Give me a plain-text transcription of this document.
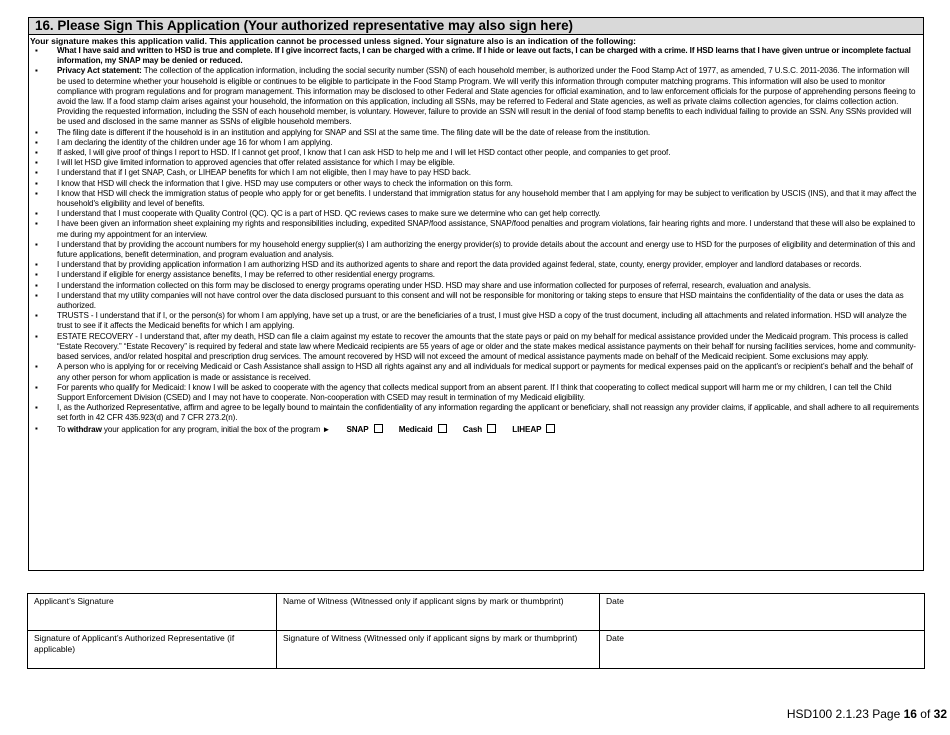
16. Please Sign This Application (Your authorized representative may also sign here)
Your signature makes this application valid. This application cannot be processed unless signed. Your signature also is an indication of the following:
▪ What I have said and written to HSD is true and complete. If I give incorrect facts, I can be charged with a crime. If I hide or leave out facts, I can be charged with a crime. If HSD learns that I have given untrue or incomplete factual information, my SNAP may be denied or reduced.
▪ Privacy Act statement: The collection of the application information, including the social security number (SSN) of each household member, is authorized under the Food Stamp Act of 1977, as amended, 7 U.S.C. 2011-2036. The information will be used to determine whether your household is eligible or continues to be eligible to participate in the Food Stamp Program. We will verify this information through computer matching programs. This information will also be used to monitor compliance with program regulations and for program management. This information may be disclosed to other Federal and State agencies for official examination, and to law enforcement officials for the purpose of apprehending persons fleeing to avoid the law. If a food stamp claim arises against your household, the information on this application, including all SSNs, may be referred to Federal and State agencies, as well as private claims collection agencies, for claims collection action. Providing the requested information, including the SSN of each household member, is voluntary. However, failure to provide an SSN will result in the denial of food stamp benefits to each individual failing to provide an SSN. Any SSNs provided will be used and disclosed in the same manner as SSNs of eligible household members.
▪ The filing date is different if the household is in an institution and applying for SNAP and SSI at the same time. The filing date will be the date of release from the institution.
▪ I am declaring the identity of the children under age 16 for whom I am applying.
▪ If asked, I will give proof of things I report to HSD. If I cannot get proof, I know that I can ask HSD to help me and I will let HSD contact other people, and companies to get proof.
▪ I will let HSD give limited information to approved agencies that offer related assistance for which I may be eligible.
▪ I understand that if I get SNAP, Cash, or LIHEAP benefits for which I am not eligible, then I may have to pay HSD back.
▪ I know that HSD will check the information that I give. HSD may use computers or other ways to check the information on this form.
▪ I know that HSD will check the immigration status of people who apply for or get benefits. I understand that immigration status for any household member that I am applying for may be subject to verification by USCIS (INS), and that it may affect the household's eligibility and level of benefits.
▪ I understand that I must cooperate with Quality Control (QC). QC is a part of HSD. QC reviews cases to make sure we determine who can get help correctly.
▪ I have been given an information sheet explaining my rights and responsibilities including, expedited SNAP/food assistance, SNAP/food penalties and program violations, fair hearing rights and more. I understand that these will also be explained to me during my appointment for an interview.
▪ I understand that by providing the account numbers for my household energy supplier(s) I am authorizing the energy provider(s) to provide details about the account and energy use to HSD for the purposes of eligibility and determination of this and future applications, benefit determination, and program evaluation and analysis.
▪ I understand that by providing application information I am authorizing HSD and its authorized agents to share and report the data provided against federal, state, county, energy provider, employer and landlord databases or records.
▪ I understand if eligible for energy assistance benefits, I may be referred to other residential energy programs.
▪ I understand the information collected on this form may be disclosed to energy programs operating under HSD. HSD may share and use information collected for purposes of referral, research, evaluation and analysis.
▪ I understand that my utility companies will not have control over the data disclosed pursuant to this consent and will not be responsible for monitoring or taking steps to ensure that HSD maintains the confidentiality of the data or uses the data as authorized.
▪ TRUSTS - I understand that if I, or the person(s) for whom I am applying, have set up a trust, or are the beneficiaries of a trust, I must give HSD a copy of the trust document, including all attachments and related information. HSD will analyze the trust to see if it affects the Medicaid benefits for which I am applying.
▪ ESTATE RECOVERY - I understand that, after my death, HSD can file a claim against my estate to recover the amounts that the state pays or paid on my behalf for medical assistance provided under the Medicaid program. This process is called “Estate Recovery.” “Estate Recovery” is required by federal and state law where Medicaid recipients are 55 years of age or older and the state makes medical assistance payments on their behalf for nursing facilities services, home and community-based services, and/or related hospital and prescription drug services. The amount recovered by HSD will not exceed the amount of medical assistance payments made on behalf of the Medicaid recipient. Some exclusions may apply.
▪ A person who is applying for or receiving Medicaid or Cash Assistance shall assign to HSD all rights against any and all individuals for medical support or payments for medical expenses paid on the applicant’s or recipient’s behalf and the behalf of any other person for whom application is made or assistance is received.
▪ For parents who qualify for Medicaid: I know I will be asked to cooperate with the agency that collects medical support from an absent parent. If I think that cooperating to collect medical support will harm me or my children, I can tell the Child Support Enforcement Division (CSED) and I may not have to cooperate. Non-cooperation with CSED may result in termination of my Medicaid eligibility.
▪ I, as the Authorized Representative, affirm and agree to be legally bound to maintain the confidentiality of any information regarding the applicant or beneficiary, shall not reassign any provider claims, if applicable, and shall adhere to all requirements set forth in 42 CFR 435.923(d) and 7 CFR 273.2(n).
▪ To withdraw your application for any program, initial the box of the program ► SNAP	Medicaid	Cash	LIHEAP
Applicant’s Signature	Name of Witness (Witnessed only if applicant signs by mark or thumbprint)	Date
Signature of Applicant’s Authorized Representative (if applicable)	Signature of Witness (Witnessed only if applicant signs by mark or thumbprint)	Date
HSD100 2.1.23 Page 16 of 32
